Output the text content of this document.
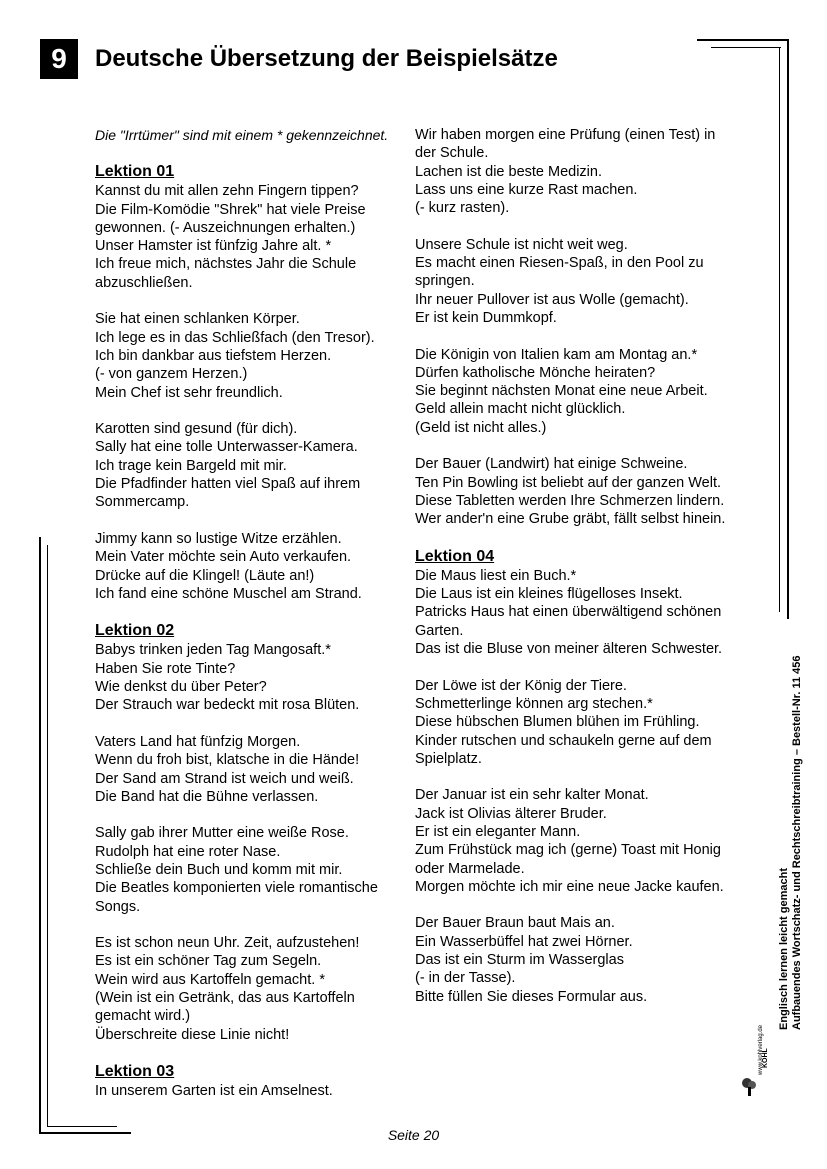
9	Deutsche Übersetzung der Beispielsätze
Die "Irrtümer" sind mit einem * gekennzeichnet.
Lektion 01
Kannst du mit allen zehn Fingern tippen?
Die Film-Komödie "Shrek" hat viele Preise gewonnen. (- Auszeichnungen erhalten.)
Unser Hamster ist fünfzig Jahre alt. *
Ich freue mich, nächstes Jahr die Schule abzuschließen.
Sie hat einen schlanken Körper.
Ich lege es in das Schließfach (den Tresor).
Ich bin dankbar aus tiefstem Herzen.
(- von ganzem Herzen.)
Mein Chef ist sehr freundlich.
Karotten sind gesund (für dich).
Sally hat eine tolle Unterwasser-Kamera.
Ich trage kein Bargeld mit mir.
Die Pfadfinder hatten viel Spaß auf ihrem Sommercamp.
Jimmy kann so lustige Witze erzählen.
Mein Vater möchte sein Auto verkaufen.
Drücke auf die Klingel! (Läute an!)
Ich fand eine schöne Muschel am Strand.
Lektion 02
Babys trinken jeden Tag Mangosaft.*
Haben Sie rote Tinte?
Wie denkst du über Peter?
Der Strauch war bedeckt mit rosa Blüten.
Vaters Land hat fünfzig Morgen.
Wenn du froh bist, klatsche in die Hände!
Der Sand am Strand ist weich und weiß.
Die Band hat die Bühne verlassen.
Sally gab ihrer Mutter eine weiße Rose.
Rudolph hat eine roter Nase.
Schließe dein Buch und komm mit mir.
Die Beatles komponierten viele romantische Songs.
Es ist schon neun Uhr. Zeit, aufzustehen!
Es ist ein schöner Tag zum Segeln.
Wein wird aus Kartoffeln gemacht. *
(Wein ist ein Getränk, das aus Kartoffeln gemacht wird.)
Überschreite diese Linie nicht!
Lektion 03
In unserem Garten ist ein Amselnest.
Wir haben morgen eine Prüfung (einen Test) in der Schule.
Lachen ist die beste Medizin.
Lass uns eine kurze Rast machen.
(- kurz rasten).
Unsere Schule ist nicht weit weg.
Es macht einen Riesen-Spaß, in den Pool zu springen.
Ihr neuer Pullover ist aus Wolle (gemacht).
Er ist kein Dummkopf.
Die Königin von Italien kam am Montag an.*
Dürfen katholische Mönche heiraten?
Sie beginnt nächsten Monat eine neue Arbeit.
Geld allein macht nicht glücklich.
(Geld ist nicht alles.)
Der Bauer (Landwirt) hat einige Schweine.
Ten Pin Bowling ist beliebt auf der ganzen Welt.
Diese Tabletten werden Ihre Schmerzen lindern.
Wer ander'n eine Grube gräbt, fällt selbst hinein.
Lektion 04
Die Maus liest ein Buch.*
Die Laus ist ein kleines flügelloses Insekt.
Patricks Haus hat einen überwältigend schönen Garten.
Das ist die Bluse von meiner älteren Schwester.
Der Löwe ist der König der Tiere.
Schmetterlinge können arg stechen.*
Diese hübschen Blumen blühen im Frühling.
Kinder rutschen und schaukeln gerne auf dem Spielplatz.
Der Januar ist ein sehr kalter Monat.
Jack ist Olivias älterer Bruder.
Er ist ein eleganter Mann.
Zum Frühstück mag ich (gerne) Toast mit Honig oder Marmelade.
Morgen möchte ich mir eine neue Jacke kaufen.
Der Bauer Braun baut Mais an.
Ein Wasserbüffel hat zwei Hörner.
Das ist ein Sturm im Wasserglas
(- in der Tasse).
Bitte füllen Sie dieses Formular aus.	Englisch lernen leicht gemacht Aufbauendes Wortschatz- und Rechtschreibtraining – Bestell-Nr. 11 456
KOHL
www.kohlverlag.de
Seite 20
